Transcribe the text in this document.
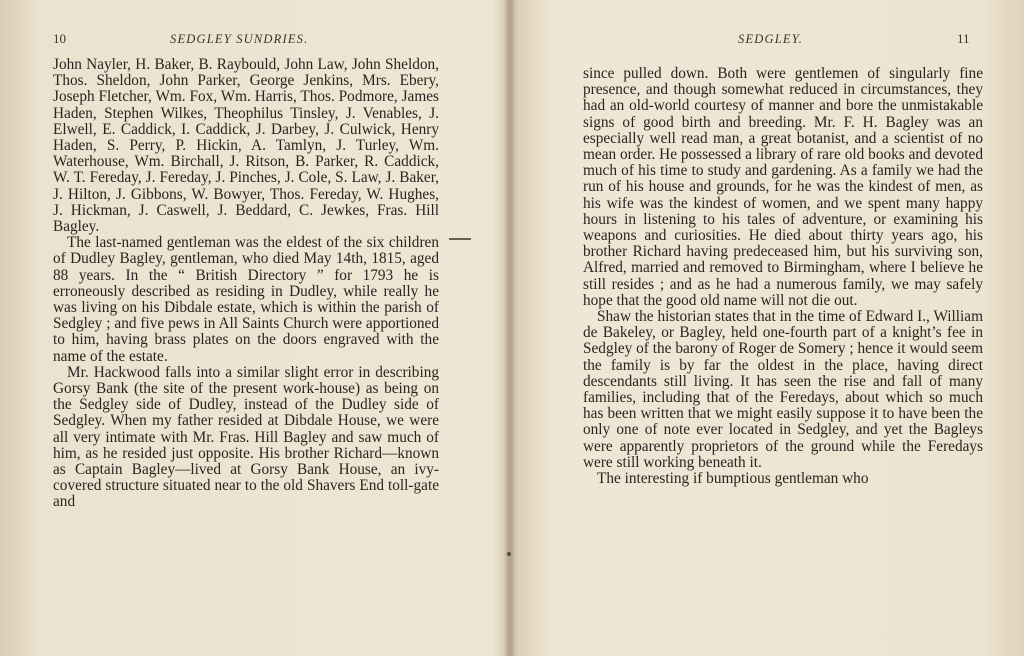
10	SEDGLEY SUNDRIES.

John Nayler, H. Baker, B. Raybould, John Law, John Sheldon, Thos. Sheldon, John Parker, George Jenkins, Mrs. Ebery, Joseph Fletcher, Wm. Fox, Wm. Harris, Thos. Podmore, James Haden, Stephen Wilkes, Theophilus Tinsley, J. Venables, J. Elwell, E. Caddick, I. Caddick, J. Darbey, J. Culwick, Henry Haden, S. Perry, P. Hickin, A. Tamlyn, J. Turley, Wm. Waterhouse, Wm. Birchall, J. Ritson, B. Parker, R. Caddick, W. T. Fereday, J. Fereday, J. Pinches, J. Cole, S. Law, J. Baker, J. Hilton, J. Gibbons, W. Bowyer, Thos. Fereday, W. Hughes, J. Hickman, J. Caswell, J. Beddard, C. Jewkes, Fras. Hill Bagley.

The last-named gentleman was the eldest of the six children of Dudley Bagley, gentleman, who died May 14th, 1815, aged 88 years. In the “ British Directory ” for 1793 he is erroneously described as residing in Dudley, while really he was living on his Dibdale estate, which is within the parish of Sedgley ; and five pews in All Saints Church were apportioned to him, having brass plates on the doors engraved with the name of the estate.

Mr. Hackwood falls into a similar slight error in describing Gorsy Bank (the site of the present work-house) as being on the Sedgley side of Dudley, instead of the Dudley side of Sedgley. When my father resided at Dibdale House, we were all very intimate with Mr. Fras. Hill Bagley and saw much of him, as he resided just opposite. His brother Richard—known as Captain Bagley—lived at Gorsy Bank House, an ivy-covered structure situated near to the old Shavers End toll-gate and

SEDGLEY.	11

since pulled down. Both were gentlemen of singularly fine presence, and though somewhat reduced in circumstances, they had an old-world courtesy of manner and bore the unmistakable signs of good birth and breeding. Mr. F. H. Bagley was an especially well read man, a great botanist, and a scientist of no mean order. He possessed a library of rare old books and devoted much of his time to study and gardening. As a family we had the run of his house and grounds, for he was the kindest of men, as his wife was the kindest of women, and we spent many happy hours in listening to his tales of adventure, or examining his weapons and curiosities. He died about thirty years ago, his brother Richard having predeceased him, but his surviving son, Alfred, married and removed to Birmingham, where I believe he still resides ; and as he had a numerous family, we may safely hope that the good old name will not die out.

Shaw the historian states that in the time of Edward I., William de Bakeley, or Bagley, held one-fourth part of a knight’s fee in Sedgley of the barony of Roger de Somery ; hence it would seem the family is by far the oldest in the place, having direct descendants still living. It has seen the rise and fall of many families, including that of the Feredays, about which so much has been written that we might easily suppose it to have been the only one of note ever located in Sedgley, and yet the Bagleys were apparently proprietors of the ground while the Feredays were still working beneath it.

The interesting if bumptious gentleman who
